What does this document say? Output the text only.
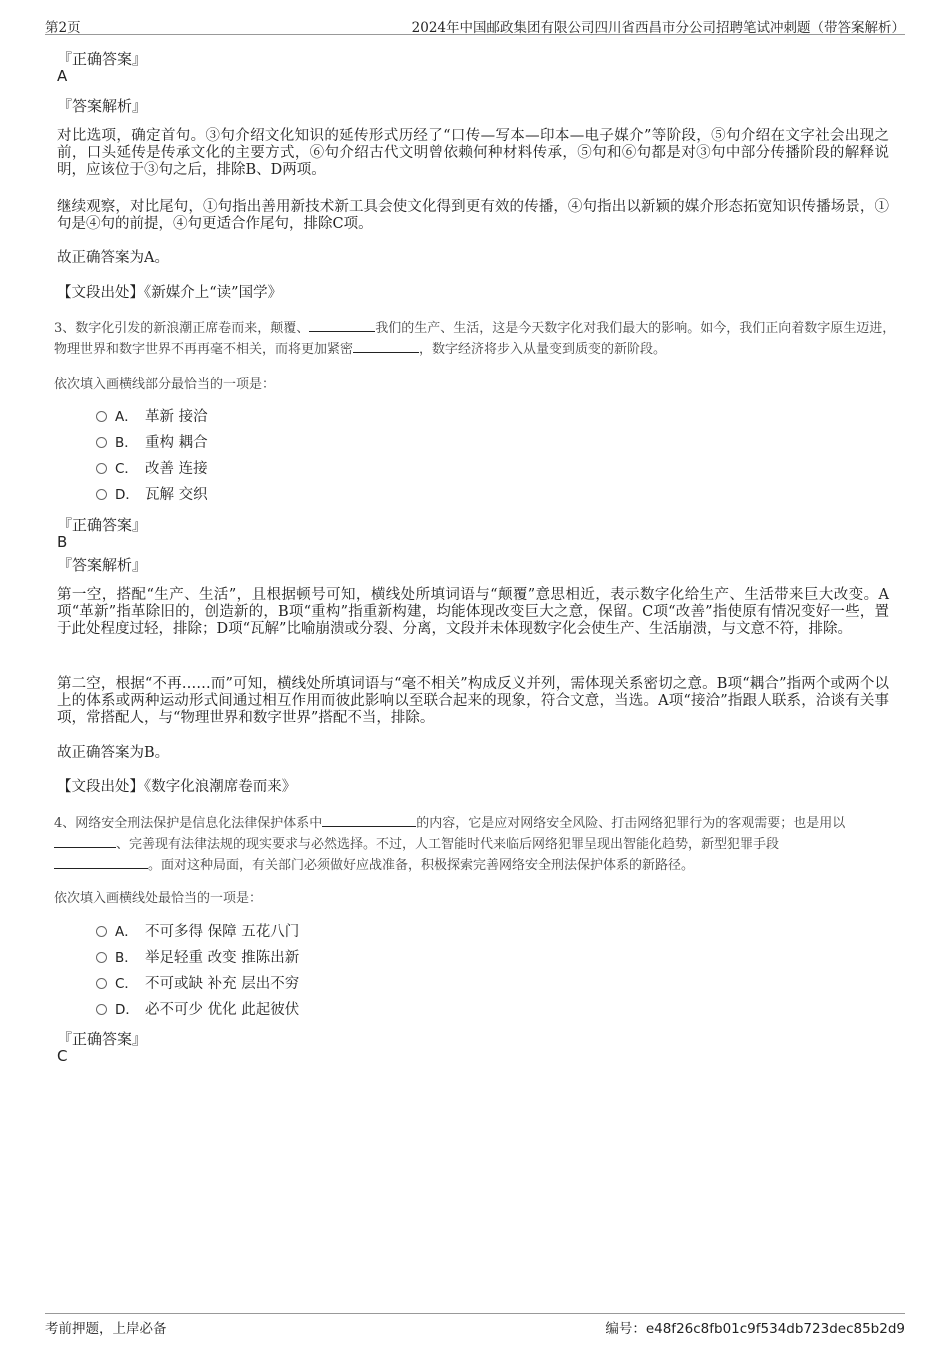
第2页	2024年中国邮政集团有限公司四川省西昌市分公司招聘笔试冲刺题（带答案解析）
『正确答案』
A
『答案解析』
对比选项，确定首句。③句介绍文化知识的延传形式历经了“口传—写本—印本—电子媒介”等阶段，⑤句介绍在文字社会出现之前，口头延传是传承文化的主要方式，⑥句介绍古代文明曾依赖何种材料传承，⑤句和⑥句都是对③句中部分传播阶段的解释说明，应该位于③句之后，排除B、D两项。
继续观察，对比尾句，①句指出善用新技术新工具会使文化得到更有效的传播，④句指出以新颖的媒介形态拓宽知识传播场景，①句是④句的前提，④句更适合作尾句，排除C项。
故正确答案为A。
【文段出处】《新媒介上“读”国学》
3、数字化引发的新浪潮正席卷而来，颠覆、	我们的生产、生活，这是今天数字化对我们最大的影响。如今，我们正向着数字原生迈进，物理世界和数字世界不再再毫不相关，而将更加紧密	，数字经济将步入从量变到质变的新阶段。
依次填入画横线部分最恰当的一项是：
A． 革新 接洽
B． 重构 耦合
C． 改善 连接
D． 瓦解 交织
『正确答案』
B
『答案解析』
第一空，搭配“生产、生活”，且根据顿号可知，横线处所填词语与“颠覆”意思相近，表示数字化给生产、生活带来巨大改变。A项“革新”指革除旧的，创造新的，B项“重构”指重新构建，均能体现改变巨大之意，保留。C项“改善”指使原有情况变好一些，置于此处程度过轻，排除；D项“瓦解”比喻崩溃或分裂、分离，文段并未体现数字化会使生产、生活崩溃，与文意不符，排除。
第二空，根据“不再……而”可知，横线处所填词语与“毫不相关”构成反义并列，需体现关系密切之意。B项“耦合”指两个或两个以上的体系或两种运动形式间通过相互作用而彼此影响以至联合起来的现象，符合文意，当选。A项“接洽”指跟人联系，洽谈有关事项，常搭配人，与“物理世界和数字世界”搭配不当，排除。
故正确答案为B。
【文段出处】《数字化浪潮席卷而来》
4、网络安全刑法保护是信息化法律保护体系中	的内容，它是应对网络安全风险、打击网络犯罪行为的客观需要；也是用以
、完善现有法律法规的现实要求与必然选择。不过，人工智能时代来临后网络犯罪呈现出智能化趋势，新型犯罪手段
。面对这种局面，有关部门必须做好应战准备，积极探索完善网络安全刑法保护体系的新路径。
依次填入画横线处最恰当的一项是：
A． 不可多得 保障 五花八门
B． 举足轻重 改变 推陈出新
C． 不可或缺 补充 层出不穷
D． 必不可少 优化 此起彼伏
『正确答案』
C
考前押题，上岸必备	编号：e48f26c8fb01c9f534db723dec85b2d9
